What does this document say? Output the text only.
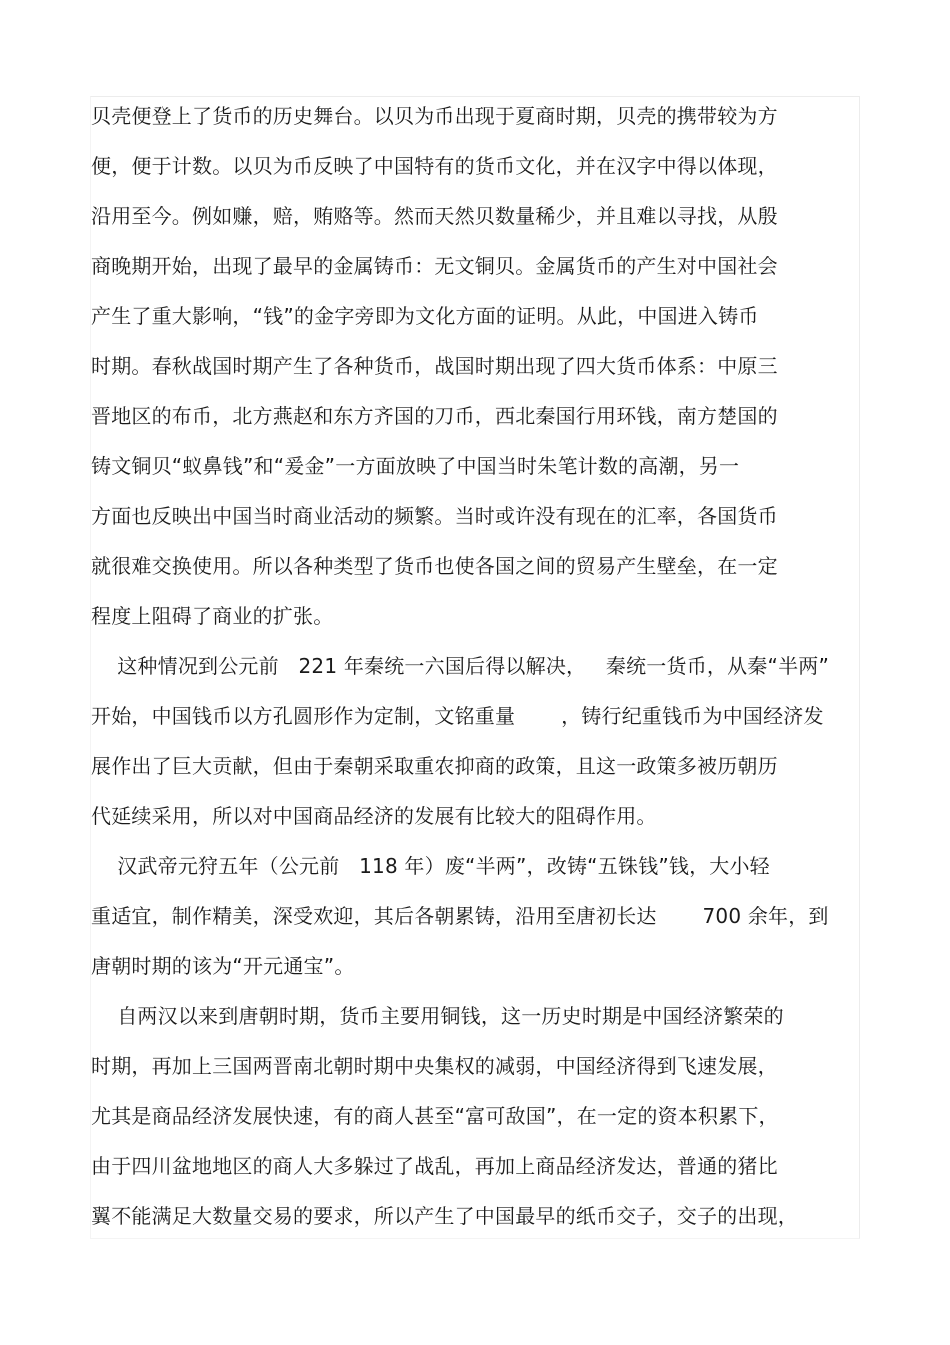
贝壳便登上了货币的历史舞台。以贝为币出现于夏商时期，贝壳的携带较为方
便，便于计数。以贝为币反映了中国特有的货币文化，并在汉字中得以体现，
沿用至今。例如赚，赔，贿赂等。然而天然贝数量稀少，并且难以寻找，从殷
商晚期开始，出现了最早的金属铸币：无文铜贝。金属货币的产生对中国社会
产生了重大影响，“钱”的金字旁即为文化方面的证明。从此，中国进入铸币
时期。春秋战国时期产生了各种货币，战国时期出现了四大货币体系：中原三
晋地区的布币，北方燕赵和东方齐国的刀币，西北秦国行用环钱，南方楚国的
铸文铜贝“蚁鼻钱”和“爰金”一方面放映了中国当时朱笔计数的高潮，另一
方面也反映出中国当时商业活动的频繁。当时或许没有现在的汇率，各国货币
就很难交换使用。所以各种类型了货币也使各国之间的贸易产生壁垒，在一定
程度上阻碍了商业的扩张。
这种情况到公元前   221 年秦统一六国后得以解决，   秦统一货币，从秦“半两”
开始，中国钱币以方孔圆形作为定制，文铭重量       ，铸行纪重钱币为中国经济发
展作出了巨大贡献，但由于秦朝采取重农抑商的政策，且这一政策多被历朝历
代延续采用，所以对中国商品经济的发展有比较大的阻碍作用。
汉武帝元狩五年（公元前   118 年）废“半两”，改铸“五铢钱”钱，大小轻
重适宜，制作精美，深受欢迎，其后各朝累铸，沿用至唐初长达       700 余年，到
唐朝时期的该为“开元通宝”。
自两汉以来到唐朝时期，货币主要用铜钱，这一历史时期是中国经济繁荣的
时期，再加上三国两晋南北朝时期中央集权的减弱，中国经济得到飞速发展，
尤其是商品经济发展快速，有的商人甚至“富可敌国”，在一定的资本积累下，
由于四川盆地地区的商人大多躲过了战乱，再加上商品经济发达，普通的猪比
翼不能满足大数量交易的要求，所以产生了中国最早的纸币交子，交子的出现，
